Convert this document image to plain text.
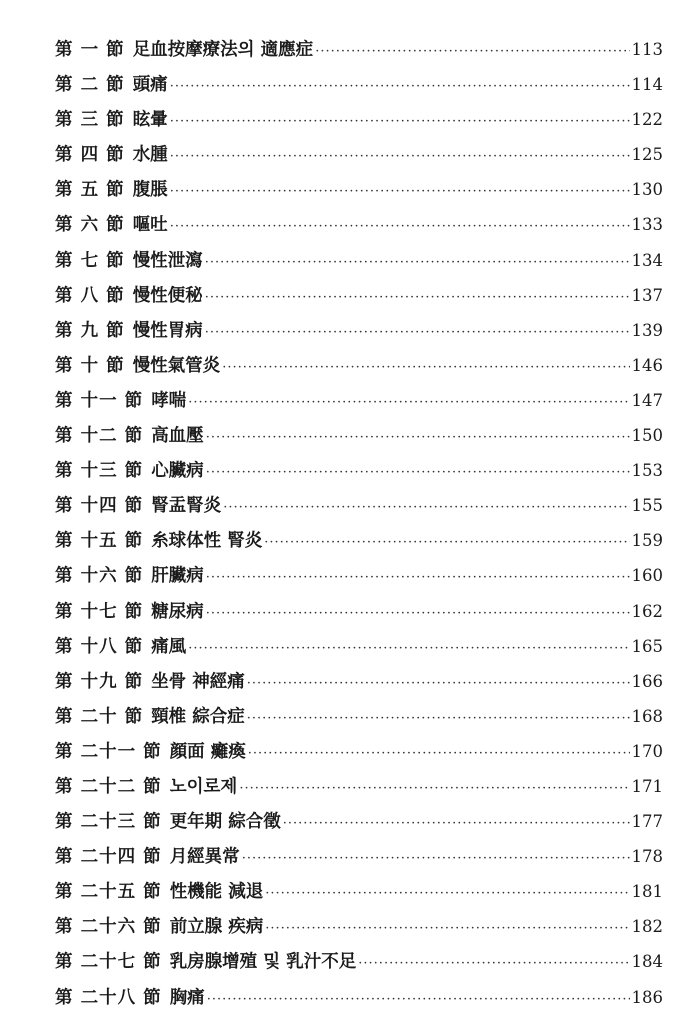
第 一 節 足血按摩療法의 適應症 ·····	113
第 二 節 頭痛 ·····	114
第 三 節 眩暈 ·····	122
第 四 節 水腫 ·····	125
第 五 節 腹脹 ·····	130
第 六 節 嘔吐 ·····	133
第 七 節 慢性泄瀉 ·····	134
第 八 節 慢性便秘 ·····	137
第 九 節 慢性胃病 ·····	139
第 十 節 慢性氣管炎 ·····	146
第 十一 節 哮喘 ·····	147
第 十二 節 高血壓 ·····	150
第 十三 節 心臟病 ·····	153
第 十四 節 腎盂腎炎 ·····	155
第 十五 節 糸球体性 腎炎 ·····	159
第 十六 節 肝臟病 ·····	160
第 十七 節 糖尿病 ·····	162
第 十八 節 痛風 ·····	165
第 十九 節 坐骨 神經痛 ·····	166
第 二十 節 頸椎 綜合症 ·····	168
第 二十一 節 顔面 癱瘓 ·····	170
第 二十二 節 노이로제 ·····	171
第 二十三 節 更年期 綜合徵 ·····	177
第 二十四 節 月經異常 ·····	178
第 二十五 節 性機能 減退 ·····	181
第 二十六 節 前立腺 疾病 ·····	182
第 二十七 節 乳房腺增殖 및 乳汁不足 ·····	184
第 二十八 節 胸痛 ·····	186
